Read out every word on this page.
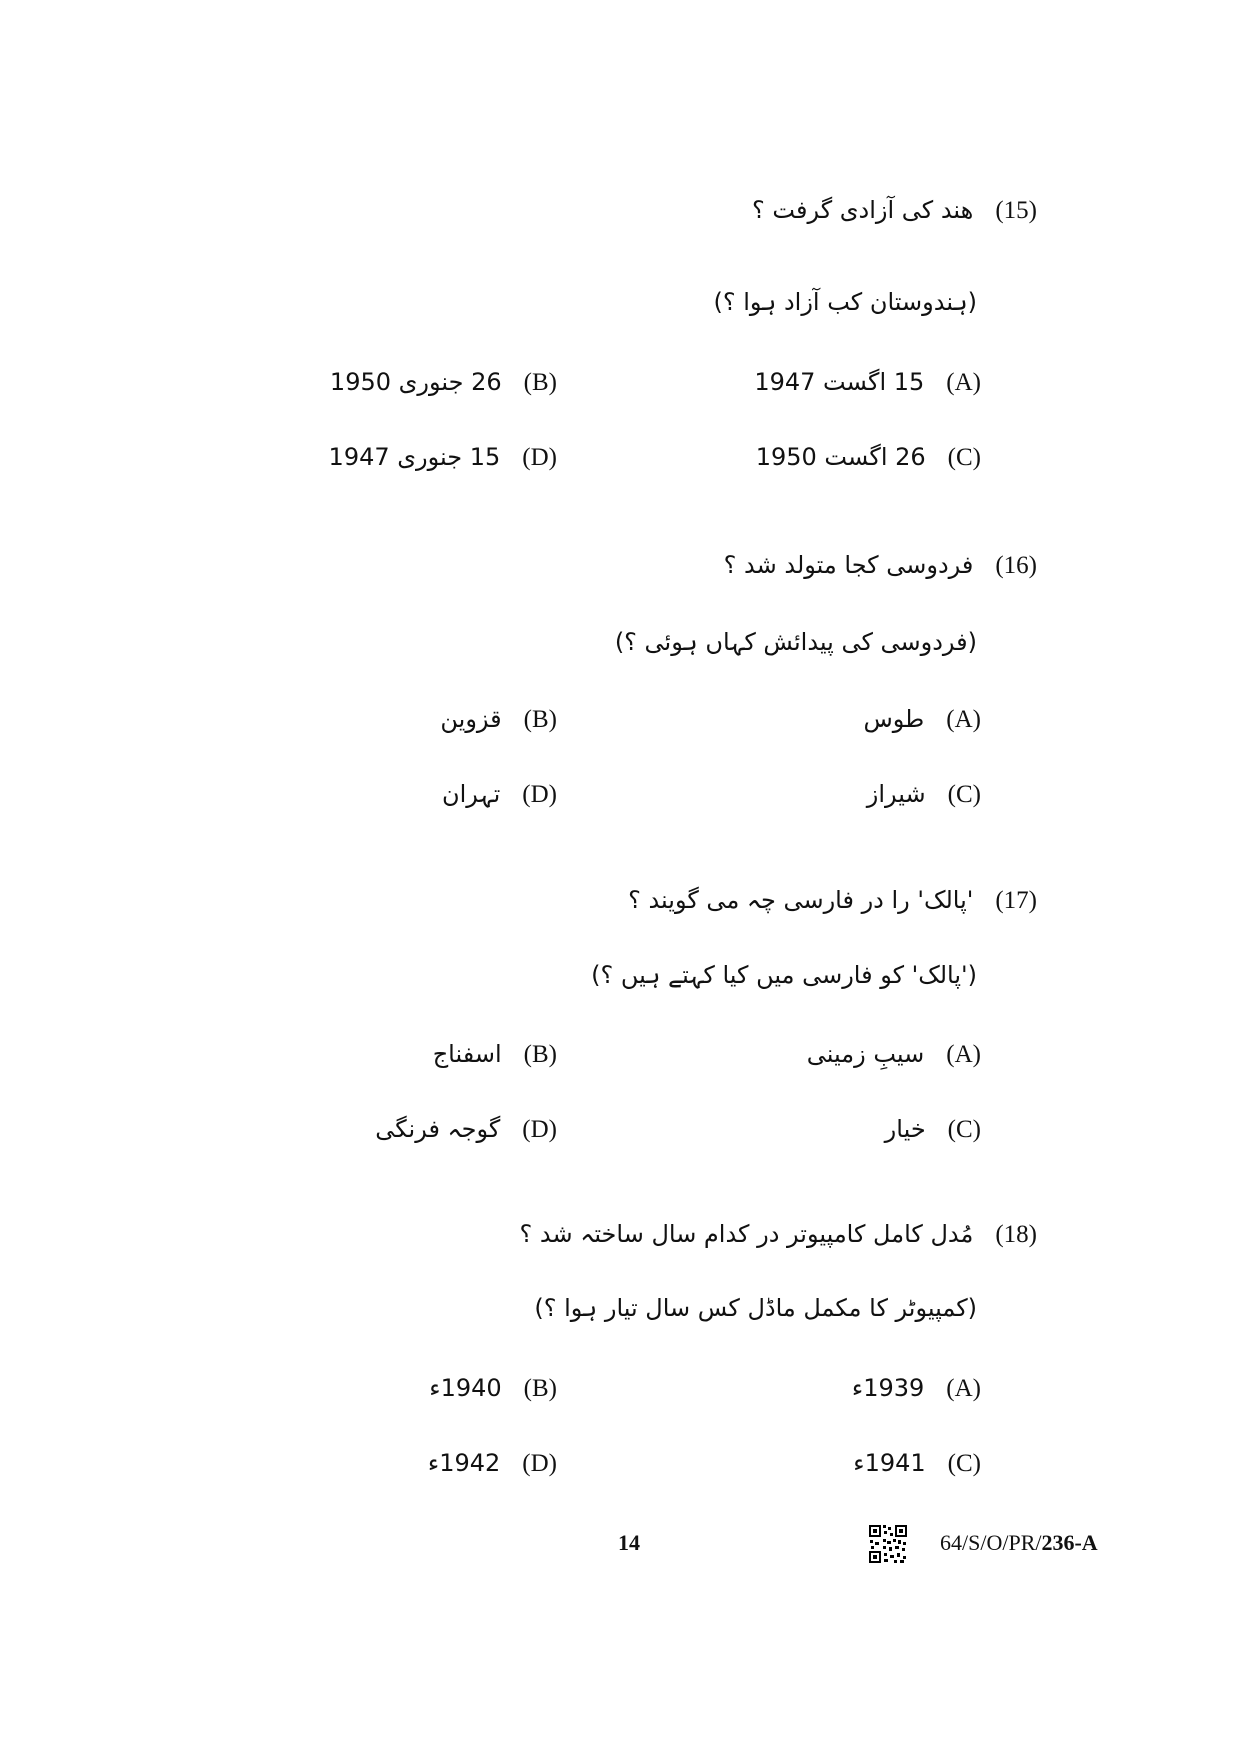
(15)هند کی آزادی گرفت ؟
(ہندوستان کب آزاد ہوا ؟)
(A)15 اگست 1947
(B)26 جنوری 1950
(C)26 اگست 1950
(D)15 جنوری 1947
(16)فردوسی کجا متولد شد ؟
(فردوسی کی پیدائش کہاں ہوئی ؟)
(A)طوس
(B)قزوین
(C)شیراز
(D)تہران
(17)'پالک' را در فارسی چہ می گویند ؟
('پالک' کو فارسی میں کیا کہتے ہیں ؟)
(A)سیبِ زمینی
(B)اسفناج
(C)خیار
(D)گوجہ فرنگی
(18)مُدل کامل کامپیوتر در کدام سال ساختہ شد ؟
(کمپیوٹر کا مکمل ماڈل کس سال تیار ہوا ؟)
(A)1939ء
(B)1940ء
(C)1941ء
(D)1942ء
14	64/S/O/PR/236-A
